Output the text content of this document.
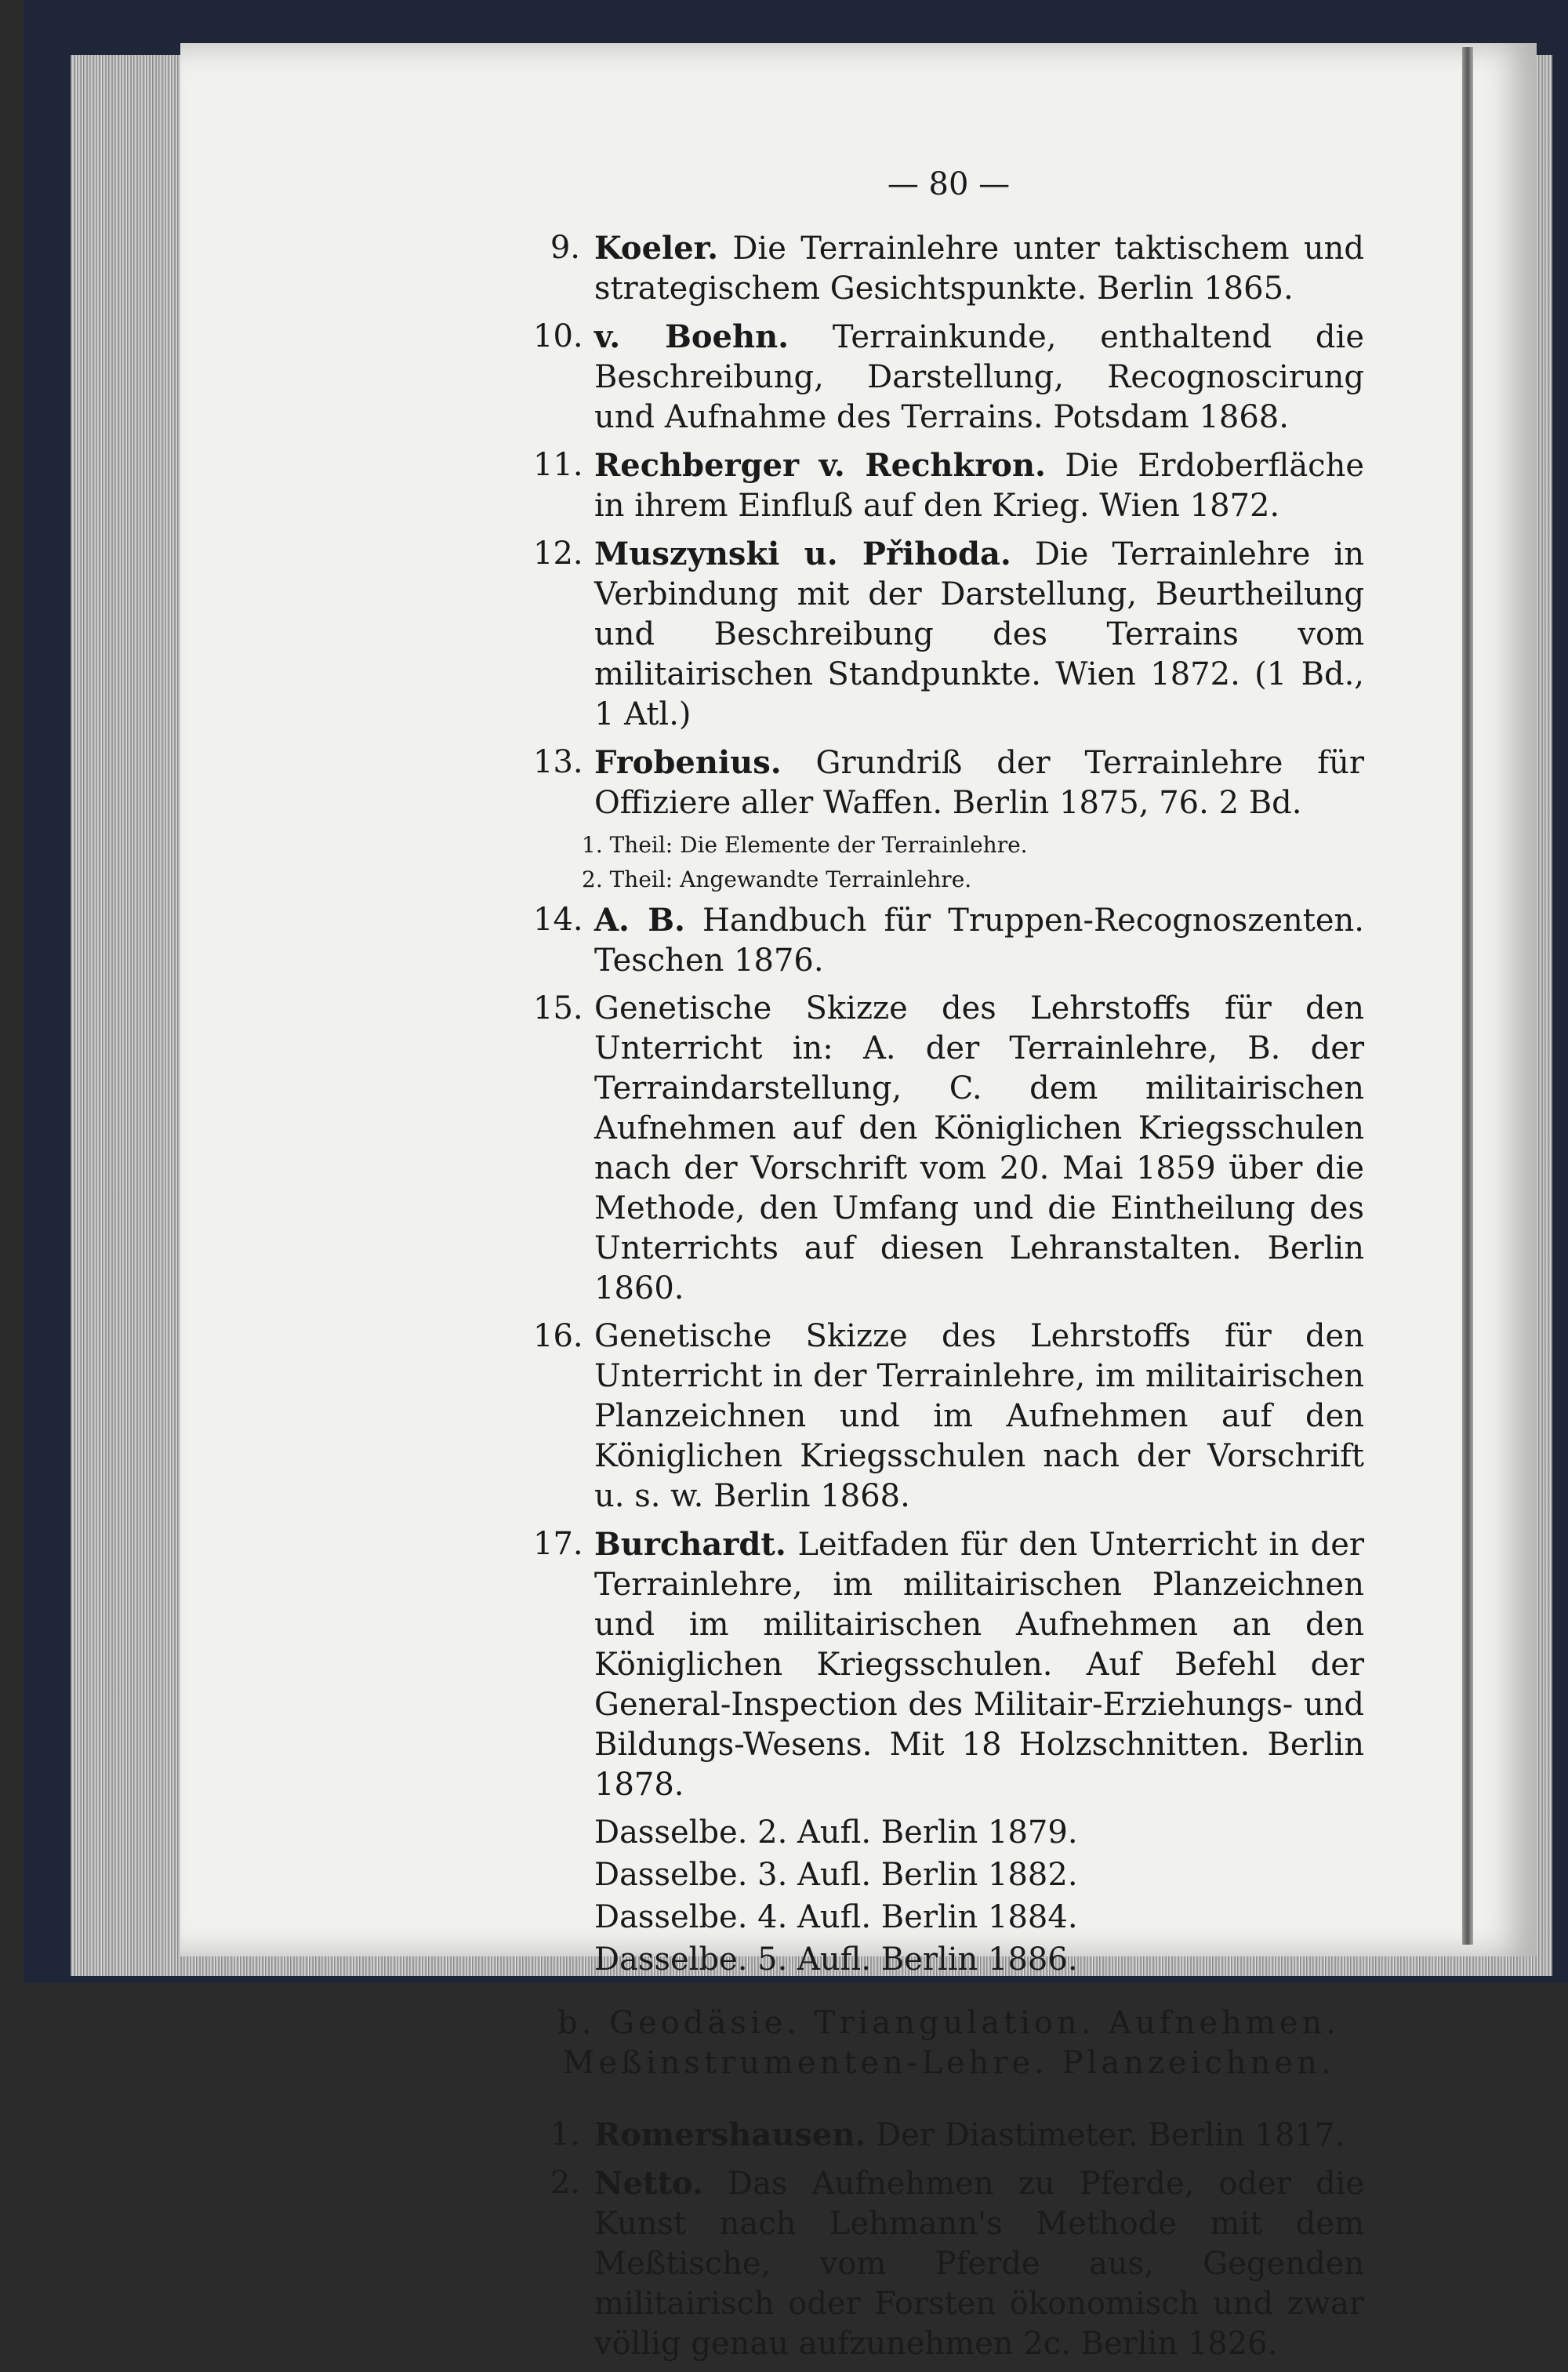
— 80 —
9. Koeler. Die Terrainlehre unter taktischem und strategischem Gesichtspunkte. Berlin 1865.
10. v. Boehn. Terrainkunde, enthaltend die Beschreibung, Darstellung, Recognoscirung und Aufnahme des Terrains. Potsdam 1868.
11. Rechberger v. Rechkron. Die Erdoberfläche in ihrem Einfluß auf den Krieg. Wien 1872.
12. Muszynski u. Přihoda. Die Terrainlehre in Verbindung mit der Darstellung, Beurtheilung und Beschreibung des Terrains vom militairischen Standpunkte. Wien 1872. (1 Bd., 1 Atl.)
13. Frobenius. Grundriß der Terrainlehre für Offiziere aller Waffen. Berlin 1875, 76. 2 Bd.
1. Theil: Die Elemente der Terrainlehre.
2. Theil: Angewandte Terrainlehre.
14. A. B. Handbuch für Truppen-Recognoszenten. Teschen 1876.
15. Genetische Skizze des Lehrstoffs für den Unterricht in: A. der Terrainlehre, B. der Terraindarstellung, C. dem militairischen Aufnehmen auf den Königlichen Kriegsschulen nach der Vorschrift vom 20. Mai 1859 über die Methode, den Umfang und die Eintheilung des Unterrichts auf diesen Lehranstalten. Berlin 1860.
16. Genetische Skizze des Lehrstoffs für den Unterricht in der Terrainlehre, im militairischen Planzeichnen und im Aufnehmen auf den Königlichen Kriegsschulen nach der Vorschrift u. s. w. Berlin 1868.
17. Burchardt. Leitfaden für den Unterricht in der Terrainlehre, im militairischen Planzeichnen und im militairischen Aufnehmen an den Königlichen Kriegsschulen. Auf Befehl der General-Inspection des Militair-Erziehungs- und Bildungs-Wesens. Mit 18 Holzschnitten. Berlin 1878.
Dasselbe. 2. Aufl. Berlin 1879.
Dasselbe. 3. Aufl. Berlin 1882.
Dasselbe. 4. Aufl. Berlin 1884.
Dasselbe. 5. Aufl. Berlin 1886.
b. Geodäsie. Triangulation. Aufnehmen.
Meßinstrumenten-Lehre. Planzeichnen.
1. Romershausen. Der Diastimeter. Berlin 1817.
2. Netto. Das Aufnehmen zu Pferde, oder die Kunst nach Lehmann's Methode mit dem Meßtische, vom Pferde aus, Gegenden militairisch oder Forsten ökonomisch und zwar völlig genau aufzunehmen 2c. Berlin 1826.
